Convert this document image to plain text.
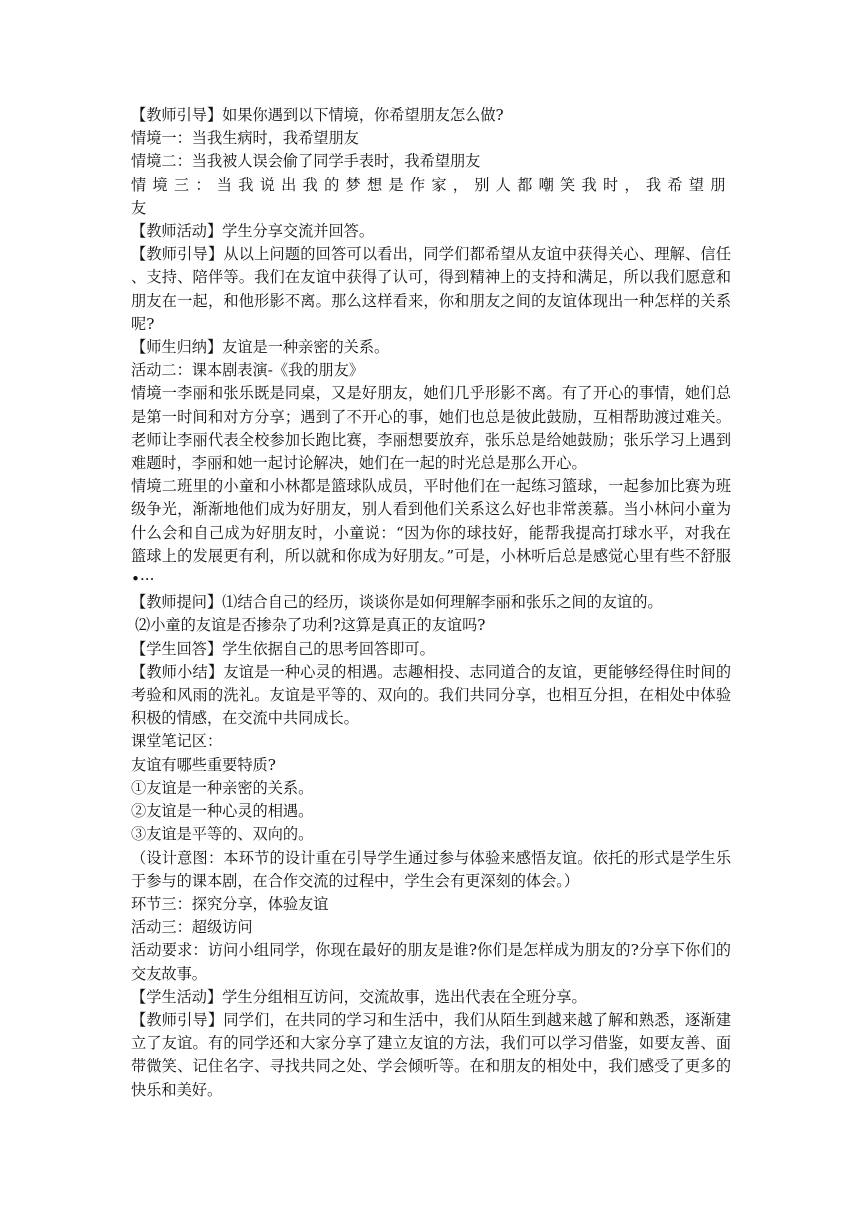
【教师引导】如果你遇到以下情境，你希望朋友怎么做?

情境一：当我生病时，我希望朋友

情境二：当我被人误会偷了同学手表时，我希望朋友

情境三：当我说出我的梦想是作家，别人都嘲笑我时，我希望朋友

【教师活动】学生分享交流并回答。

【教师引导】从以上问题的回答可以看出，同学们都希望从友谊中获得关心、理解、信任、支持、陪伴等。我们在友谊中获得了认可，得到精神上的支持和满足，所以我们愿意和朋友在一起，和他形影不离。那么这样看来，你和朋友之间的友谊体现出一种怎样的关系呢?

【师生归纳】友谊是一种亲密的关系。

活动二：课本剧表演-《我的朋友》

情境一李丽和张乐既是同桌，又是好朋友，她们几乎形影不离。有了开心的事情，她们总是第一时间和对方分享；遇到了不开心的事，她们也总是彼此鼓励，互相帮助渡过难关。老师让李丽代表全校参加长跑比赛，李丽想要放弃，张乐总是给她鼓励；张乐学习上遇到难题时，李丽和她一起讨论解决，她们在一起的时光总是那么开心。

情境二班里的小童和小林都是篮球队成员，平时他们在一起练习篮球，一起参加比赛为班级争光，渐渐地他们成为好朋友，别人看到他们关系这么好也非常羡慕。当小林问小童为什么会和自己成为好朋友时，小童说：“因为你的球技好，能帮我提高打球水平，对我在篮球上的发展更有利，所以就和你成为好朋友。”可是，小林听后总是感觉心里有些不舒服 •···

【教师提问】⑴结合自己的经历，谈谈你是如何理解李丽和张乐之间的友谊的。

⑵小童的友谊是否掺杂了功利?这算是真正的友谊吗?

【学生回答】学生依据自己的思考回答即可。

【教师小结】友谊是一种心灵的相遇。志趣相投、志同道合的友谊，更能够经得住时间的考验和风雨的洗礼。友谊是平等的、双向的。我们共同分享，也相互分担，在相处中体验积极的情感，在交流中共同成长。

课堂笔记区：

友谊有哪些重要特质?

①友谊是一种亲密的关系。

②友谊是一种心灵的相遇。

③友谊是平等的、双向的。

（设计意图：本环节的设计重在引导学生通过参与体验来感悟友谊。依托的形式是学生乐于参与的课本剧，在合作交流的过程中，学生会有更深刻的体会。）

环节三：探究分享，体验友谊

活动三：超级访问

活动要求：访问小组同学，你现在最好的朋友是谁?你们是怎样成为朋友的?分享下你们的交友故事。

【学生活动】学生分组相互访问，交流故事，选出代表在全班分享。

【教师引导】同学们，在共同的学习和生活中，我们从陌生到越来越了解和熟悉，逐渐建立了友谊。有的同学还和大家分享了建立友谊的方法，我们可以学习借鉴，如要友善、面带微笑、记住名字、寻找共同之处、学会倾听等。在和朋友的相处中，我们感受了更多的快乐和美好。
